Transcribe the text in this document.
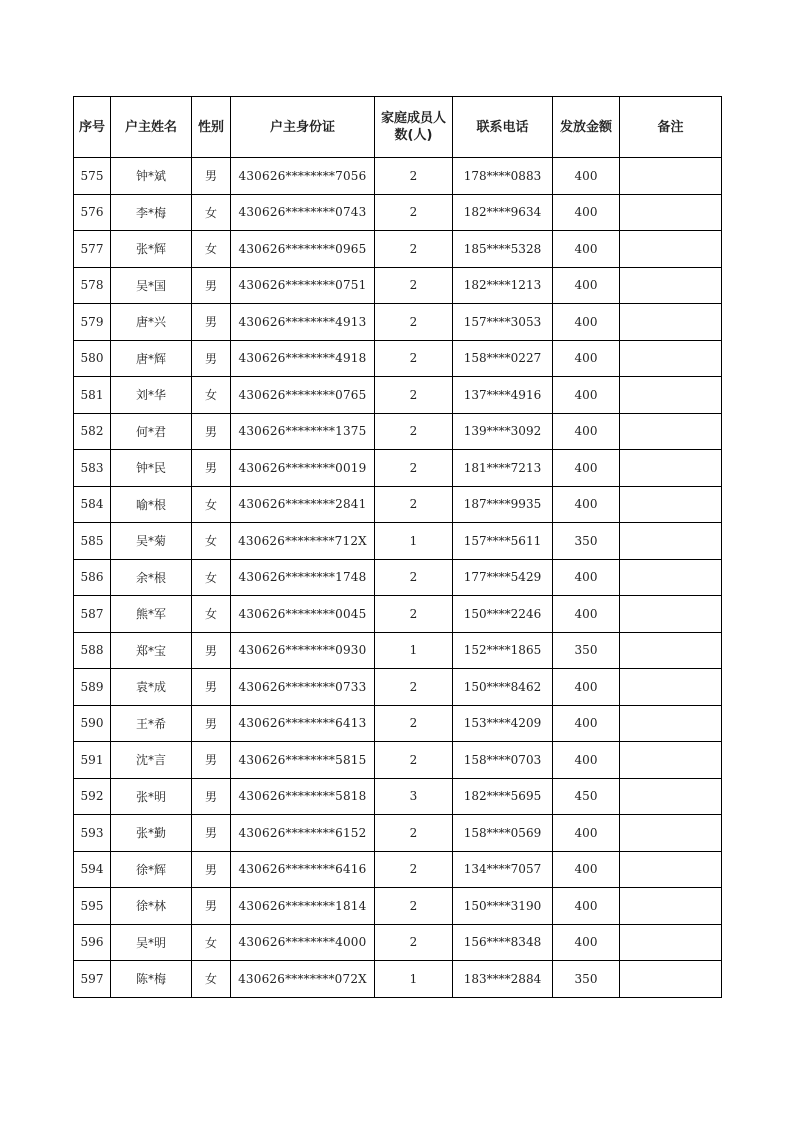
序号	户主姓名	性别	户主身份证	家庭成员人数(人)	联系电话	发放金额	备注
575	钟*斌	男	430626********7056	2	178****0883	400	
576	李*梅	女	430626********0743	2	182****9634	400	
577	张*辉	女	430626********0965	2	185****5328	400	
578	吴*国	男	430626********0751	2	182****1213	400	
579	唐*兴	男	430626********4913	2	157****3053	400	
580	唐*辉	男	430626********4918	2	158****0227	400	
581	刘*华	女	430626********0765	2	137****4916	400	
582	何*君	男	430626********1375	2	139****3092	400	
583	钟*民	男	430626********0019	2	181****7213	400	
584	喻*根	女	430626********2841	2	187****9935	400	
585	吴*菊	女	430626********712X	1	157****5611	350	
586	余*根	女	430626********1748	2	177****5429	400	
587	熊*军	女	430626********0045	2	150****2246	400	
588	郑*宝	男	430626********0930	1	152****1865	350	
589	袁*成	男	430626********0733	2	150****8462	400	
590	王*希	男	430626********6413	2	153****4209	400	
591	沈*言	男	430626********5815	2	158****0703	400	
592	张*明	男	430626********5818	3	182****5695	450	
593	张*勤	男	430626********6152	2	158****0569	400	
594	徐*辉	男	430626********6416	2	134****7057	400	
595	徐*林	男	430626********1814	2	150****3190	400	
596	吴*明	女	430626********4000	2	156****8348	400	
597	陈*梅	女	430626********072X	1	183****2884	350	
